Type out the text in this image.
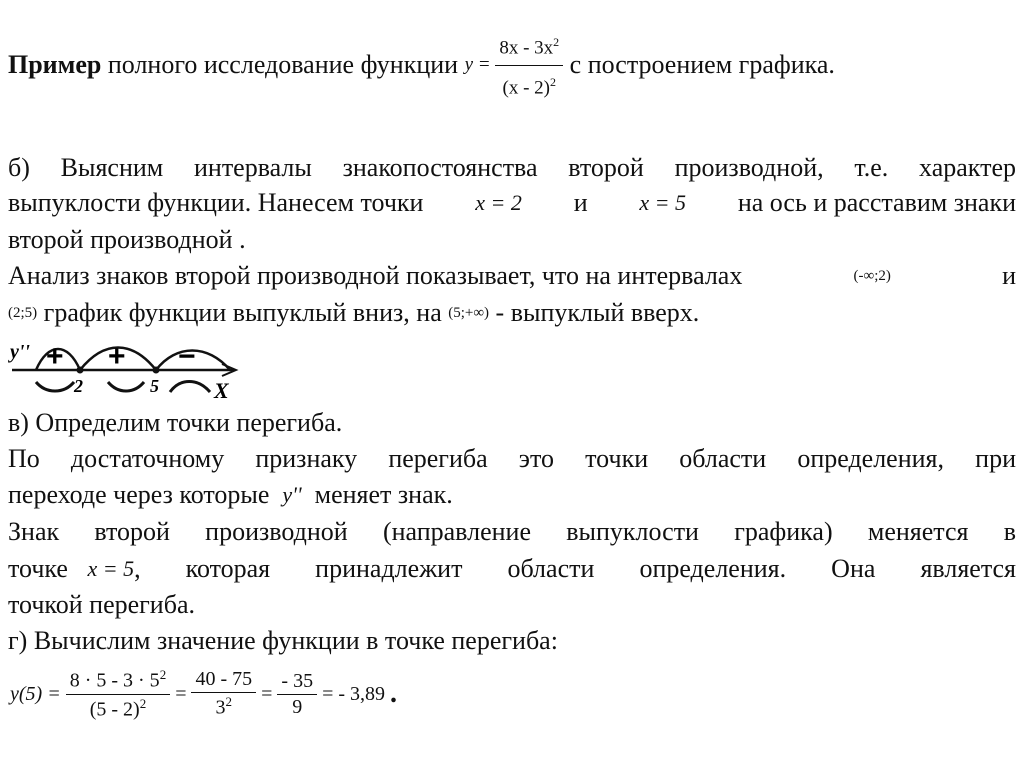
Пример
полного исследование функции
y =
$\frac{8x - 3x^2}{(x - 2)^2}$
с построением графика.
б) Выясним интервалы знакопостоянства второй производной, т.е. характер
выпуклости функции. Нанесем точки x = 2 и x = 5 на ось и расставим знаки
второй производной .
Анализ знаков второй производной показывает, что на интервалах	(-∞;2)	и
(2;5)
график функции выпуклый вниз, на
(5;+∞)
- выпуклый вверх.
y'' + + −
2	5	X
в) Определим точки перегиба.
По достаточному признаку перегиба это точки области определения, при
переходе через которые
y''
меняет знак.
Знак второй производной (направление выпуклости графика) меняется в
точке
x = 5 , которая принадлежит области определения. Она является
точкой перегиба.
г) Вычислим значение функции в точке перегиба:
y(5) =
$\frac{8 \cdot 5 - 3 \cdot 5^2}{(5 - 2)^2}$
=
$\frac{40 - 75}{3^2}$
=
$\frac{- 35}{9}$
= - 3,89
.
